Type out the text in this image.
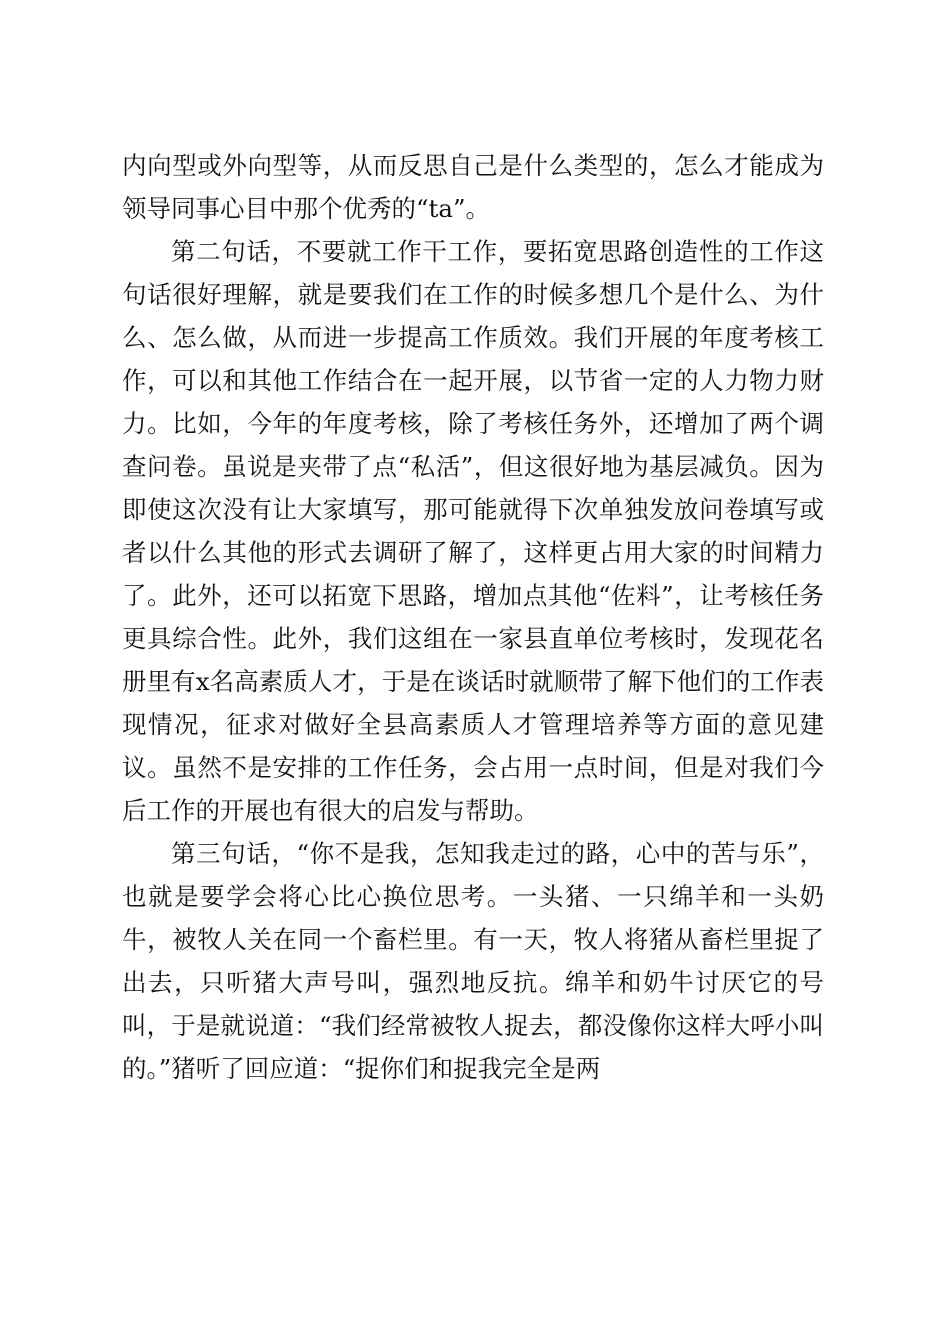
内向型或外向型等，从而反思自己是什么类型的，怎么才能成为领导同事心目中那个优秀的“ta”。

第二句话，不要就工作干工作，要拓宽思路创造性的工作这句话很好理解，就是要我们在工作的时候多想几个是什么、为什么、怎么做，从而进一步提高工作质效。我们开展的年度考核工作，可以和其他工作结合在一起开展，以节省一定的人力物力财力。比如，今年的年度考核，除了考核任务外，还增加了两个调查问卷。虽说是夹带了点“私活”，但这很好地为基层减负。因为即使这次没有让大家填写，那可能就得下次单独发放问卷填写或者以什么其他的形式去调研了解了，这样更占用大家的时间精力了。此外，还可以拓宽下思路，增加点其他“佐料”，让考核任务更具综合性。此外，我们这组在一家县直单位考核时，发现花名册里有x名高素质人才，于是在谈话时就顺带了解下他们的工作表现情况，征求对做好全县高素质人才管理培养等方面的意见建议。虽然不是安排的工作任务，会占用一点时间，但是对我们今后工作的开展也有很大的启发与帮助。

第三句话，“你不是我，怎知我走过的路，心中的苦与乐”，也就是要学会将心比心换位思考。一头猪、一只绵羊和一头奶牛，被牧人关在同一个畜栏里。有一天，牧人将猪从畜栏里捉了出去，只听猪大声号叫，强烈地反抗。绵羊和奶牛讨厌它的号叫，于是就说道：“我们经常被牧人捉去，都没像你这样大呼小叫的。”猪听了回应道：“捉你们和捉我完全是两
